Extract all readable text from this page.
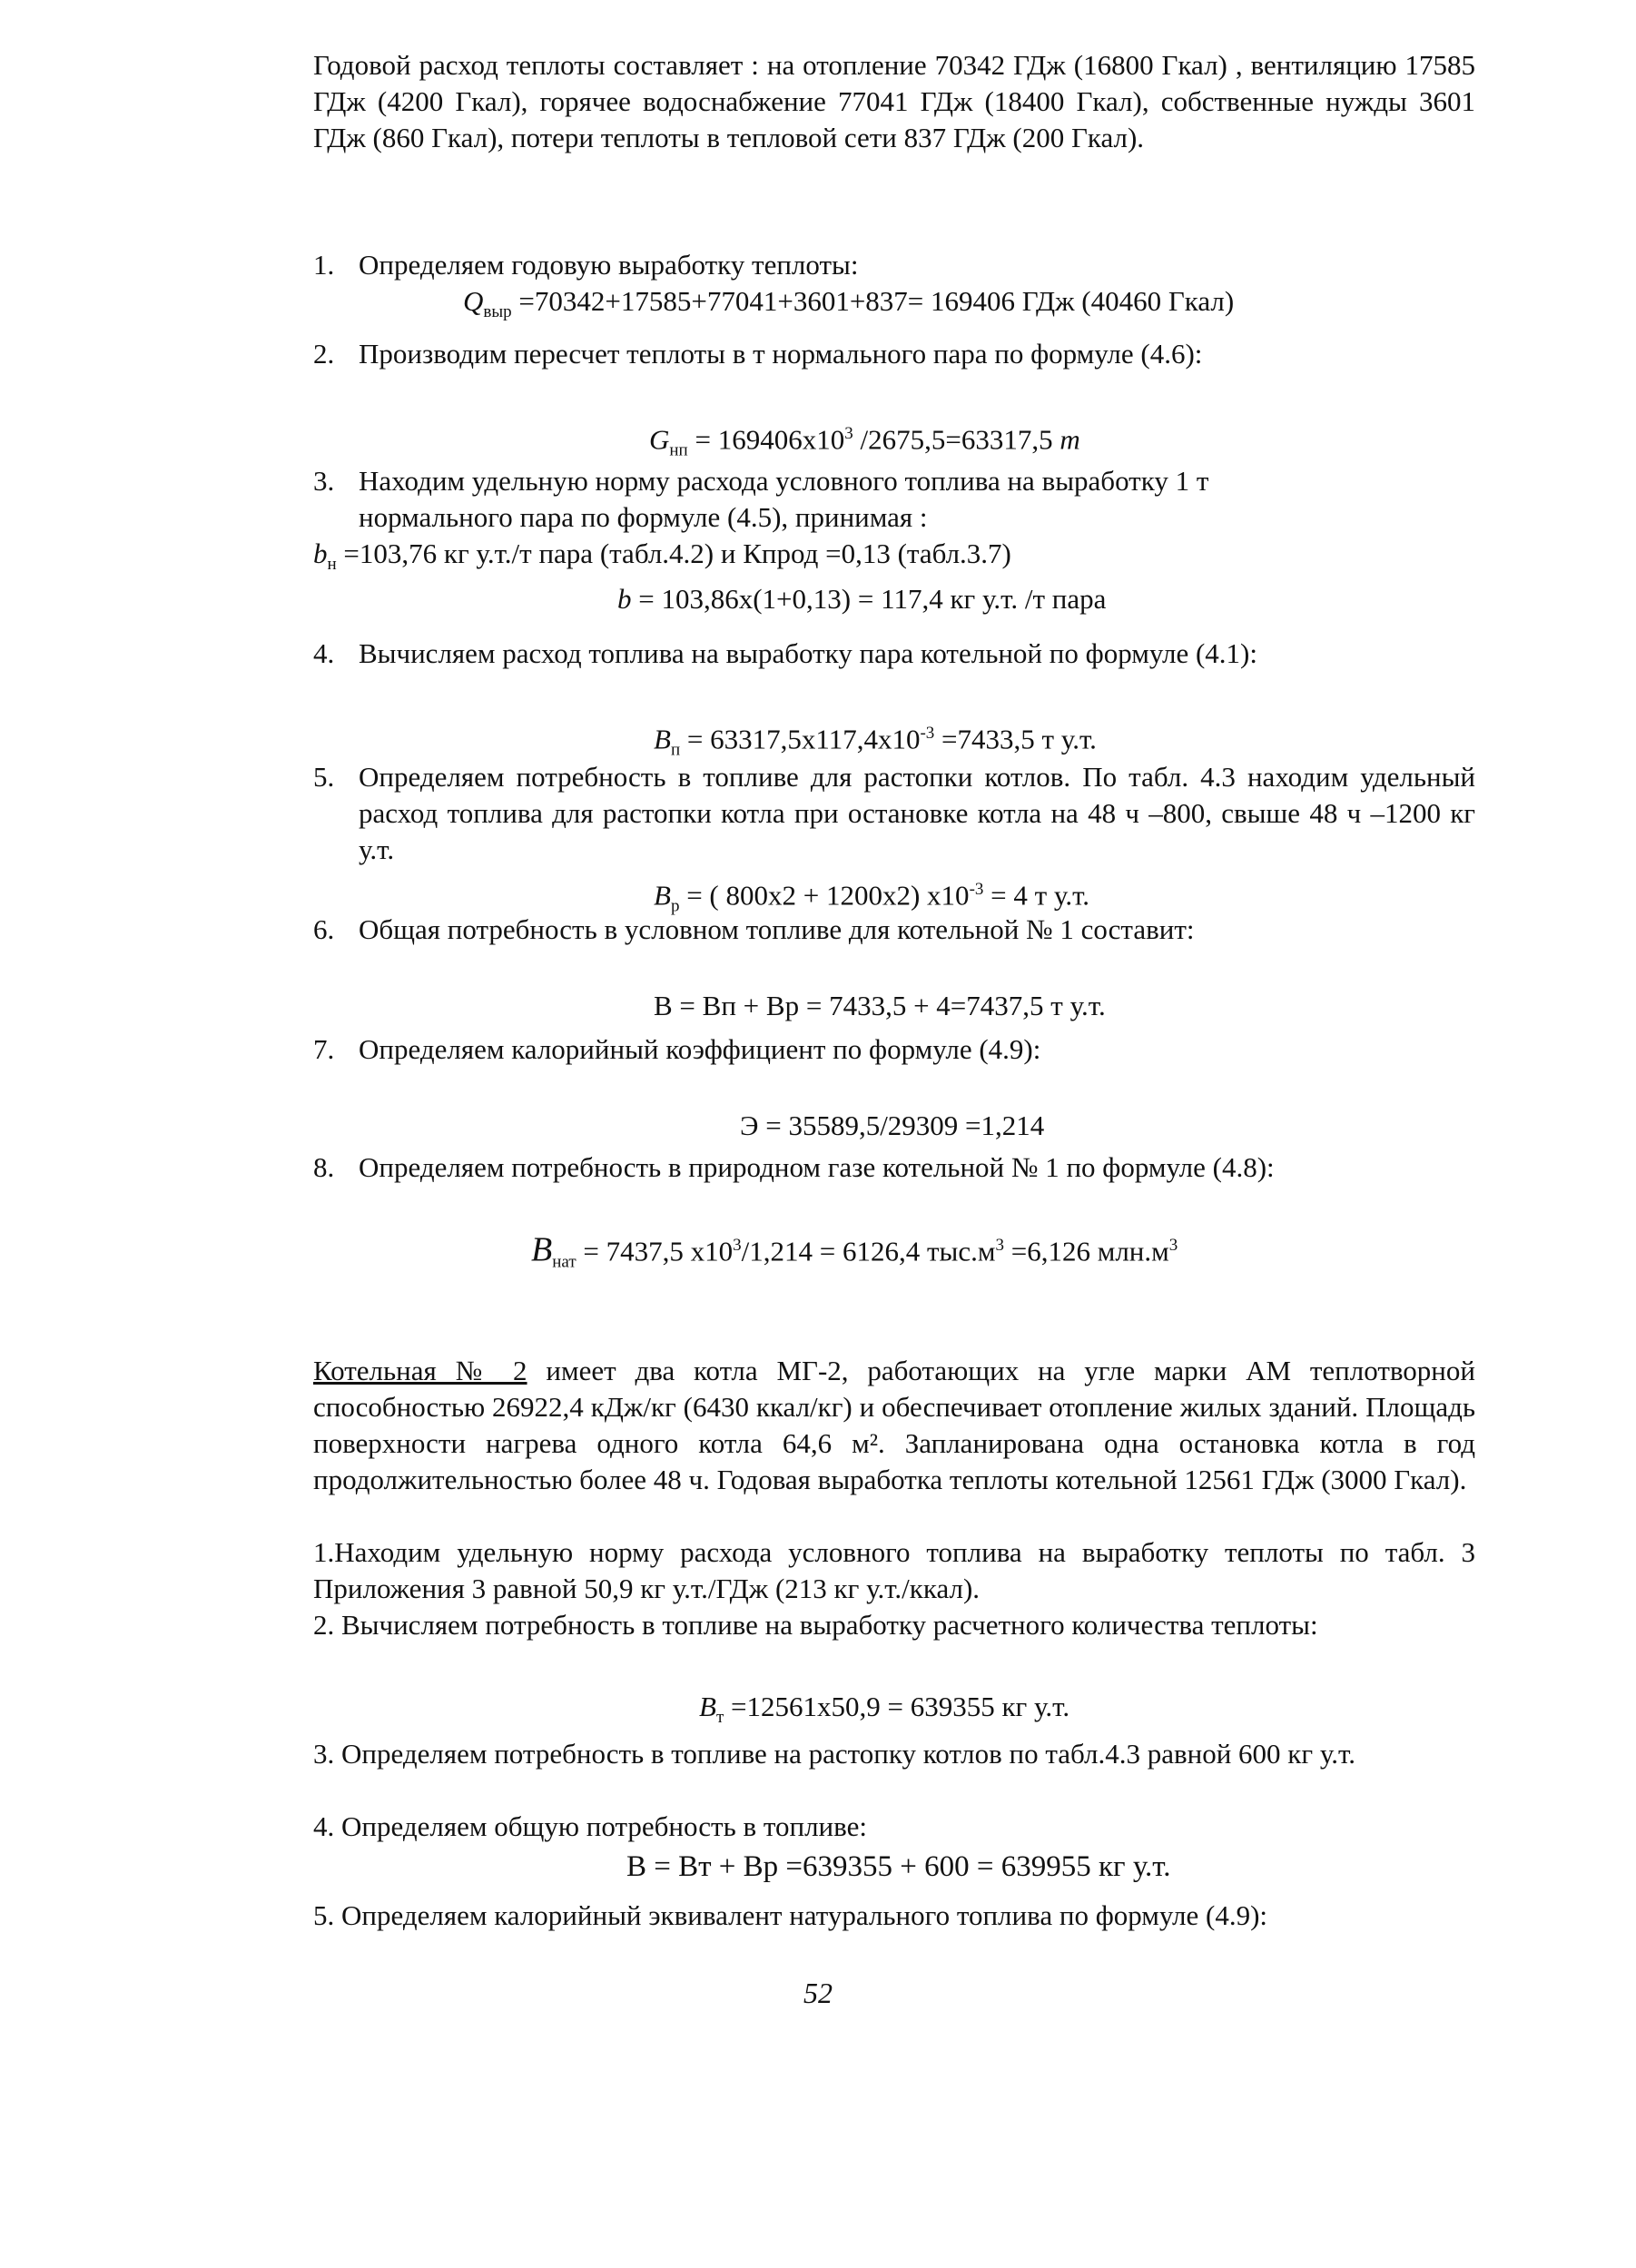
Годовой расход теплоты составляет : на отопление 70342 ГДж (16800 Гкал) , вентиляцию 17585 ГДж (4200 Гкал), горячее водоснабжение 77041 ГДж (18400 Гкал), собственные нужды 3601 ГДж (860 Гкал), потери теплоты в тепловой сети 837 ГДж (200 Гкал).

1. Определяем годовую выработку теплоты:
$Q_{выр} =70342+17585+77041+3601+837= 169406$ ГДж (40460 Гкал)
2. Производим пересчет теплоты в т нормального пара по формуле (4.6):
$G_{нп} = 169406х10^3$ /2675,5=63317,5 т
3. Находим удельную норму расхода условного топлива на выработку 1 т
нормального пара по формуле (4.5), принимая :
$b_н =103,76$ кг у.т./т пара (табл.4.2) и Кпрод =0,13 (табл.3.7)
b = 103,86х(1+0,13) = 117,4 кг у.т. /т пара
4. Вычисляем расход топлива на выработку пара котельной по формуле (4.1):
$B_п = 63317,5х117,4х10^{-3} =7433,5$ т у.т.
5. Определяем потребность в топливе для растопки котлов. По табл. 4.3 находим удельный расход топлива для растопки котла при остановке котла на 48 ч –800, свыше 48 ч –1200 кг у.т.
$B_р$ = ( 800х2 + 1200х2) $х10^{-3} = 4$ т у.т.
6. Общая потребность в условном топливе для котельной № 1 составит:
B = Bп + Bр = 7433,5 + 4=7437,5 т у.т.
7. Определяем калорийный коэффициент по формуле (4.9):
Э = 35589,5/29309 =1,214
8. Определяем потребность в природном газе котельной № 1 по формуле (4.8):
$B_{нат} = 7437,5$ $х10^3/1,214 = 6126,4$ $тыс.м^3 =6,126$ $млн.м^3$

Котельная № 2 имеет два котла МГ-2, работающих на угле марки АМ теплотворной способностью 26922,4 кДж/кг (6430 ккал/кг) и обеспечивает отопление жилых зданий. Площадь поверхности нагрева одного котла 64,6 м². Запланирована одна остановка котла в год продолжительностью более 48 ч. Годовая выработка теплоты котельной 12561 ГДж (3000 Гкал).

1.Находим удельную норму расхода условного топлива на выработку теплоты по табл. 3 Приложения 3 равной 50,9 кг у.т./ГДж (213 кг у.т./ккал).

2. Вычисляем потребность в топливе на выработку расчетного количества теплоты:

$B_т =12561х50,9 = 639355$ кг у.т.

3. Определяем потребность в топливе на растопку котлов по табл.4.3 равной 600 кг у.т.

4. Определяем общую потребность в топливе:

B = Bт + Bр =639355 + 600 = 639955 кг у.т.

5. Определяем калорийный эквивалент натурального топлива по формуле (4.9):

52
